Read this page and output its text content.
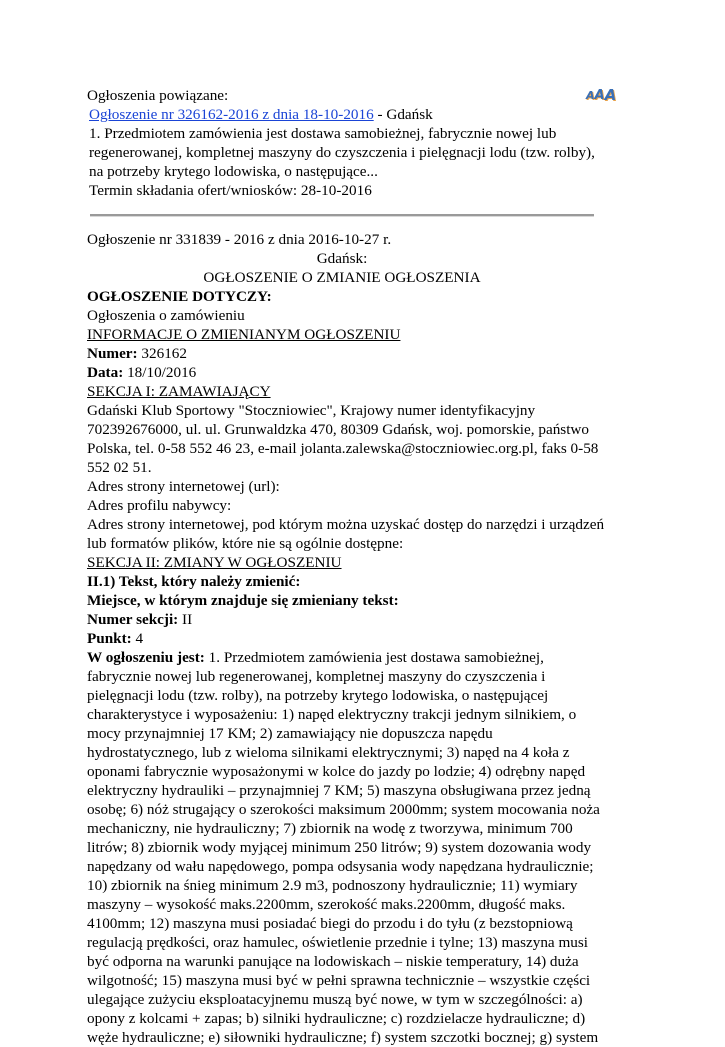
A A A
Ogłoszenia powiązane:
Ogłoszenie nr 326162-2016 z dnia 18-10-2016 - Gdańsk
1. Przedmiotem zamówienia jest dostawa samobieżnej, fabrycznie nowej lub
regenerowanej, kompletnej maszyny do czyszczenia i pielęgnacji lodu (tzw. rolby),
na potrzeby krytego lodowiska, o następujące...
Termin składania ofert/wniosków: 28-10-2016
Ogłoszenie nr 331839 - 2016 z dnia 2016-10-27 r.
Gdańsk:
OGŁOSZENIE O ZMIANIE OGŁOSZENIA
OGŁOSZENIE DOTYCZY:
Ogłoszenia o zamówieniu
INFORMACJE O ZMIENIANYM OGŁOSZENIU
Numer: 326162
Data: 18/10/2016
SEKCJA I: ZAMAWIAJĄCY
Gdański Klub Sportowy "Stoczniowiec", Krajowy numer identyfikacyjny
702392676000, ul. ul. Grunwaldzka 470, 80309 Gdańsk, woj. pomorskie, państwo
Polska, tel. 0-58 552 46 23, e-mail jolanta.zalewska@stoczniowiec.org.pl, faks 0-58
552 02 51.
Adres strony internetowej (url):
Adres profilu nabywcy:
Adres strony internetowej, pod którym można uzyskać dostęp do narzędzi i urządzeń
lub formatów plików, które nie są ogólnie dostępne:
SEKCJA II: ZMIANY W OGŁOSZENIU
II.1) Tekst, który należy zmienić:
Miejsce, w którym znajduje się zmieniany tekst:
Numer sekcji: II
Punkt: 4
W ogłoszeniu jest: 1. Przedmiotem zamówienia jest dostawa samobieżnej,
fabrycznie nowej lub regenerowanej, kompletnej maszyny do czyszczenia i
pielęgnacji lodu (tzw. rolby), na potrzeby krytego lodowiska, o następującej
charakterystyce i wyposażeniu: 1) napęd elektryczny trakcji jednym silnikiem, o
mocy przynajmniej 17 KM; 2) zamawiający nie dopuszcza napędu
hydrostatycznego, lub z wieloma silnikami elektrycznymi; 3) napęd na 4 koła z
oponami fabrycznie wyposażonymi w kolce do jazdy po lodzie; 4) odrębny napęd
elektryczny hydrauliki – przynajmniej 7 KM; 5) maszyna obsługiwana przez jedną
osobę; 6) nóż strugający o szerokości maksimum 2000mm; system mocowania noża
mechaniczny, nie hydrauliczny; 7) zbiornik na wodę z tworzywa, minimum 700
litrów; 8) zbiornik wody myjącej minimum 250 litrów; 9) system dozowania wody
napędzany od wału napędowego, pompa odsysania wody napędzana hydraulicznie;
10) zbiornik na śnieg minimum 2.9 m3, podnoszony hydraulicznie; 11) wymiary
maszyny – wysokość maks.2200mm, szerokość maks.2200mm, długość maks.
4100mm; 12) maszyna musi posiadać biegi do przodu i do tyłu (z bezstopniową
regulacją prędkości, oraz hamulec, oświetlenie przednie i tylne; 13) maszyna musi
być odporna na warunki panujące na lodowiskach – niskie temperatury, 14) duża
wilgotność; 15) maszyna musi być w pełni sprawna technicznie – wszystkie części
ulegające zużyciu eksploatacyjnemu muszą być nowe, w tym w szczególności: a)
opony z kolcami + zapas; b) silniki hydrauliczne; c) rozdzielacze hydrauliczne; d)
węże hydrauliczne; e) siłowniki hydrauliczne; f) system szczotki bocznej; g) system
